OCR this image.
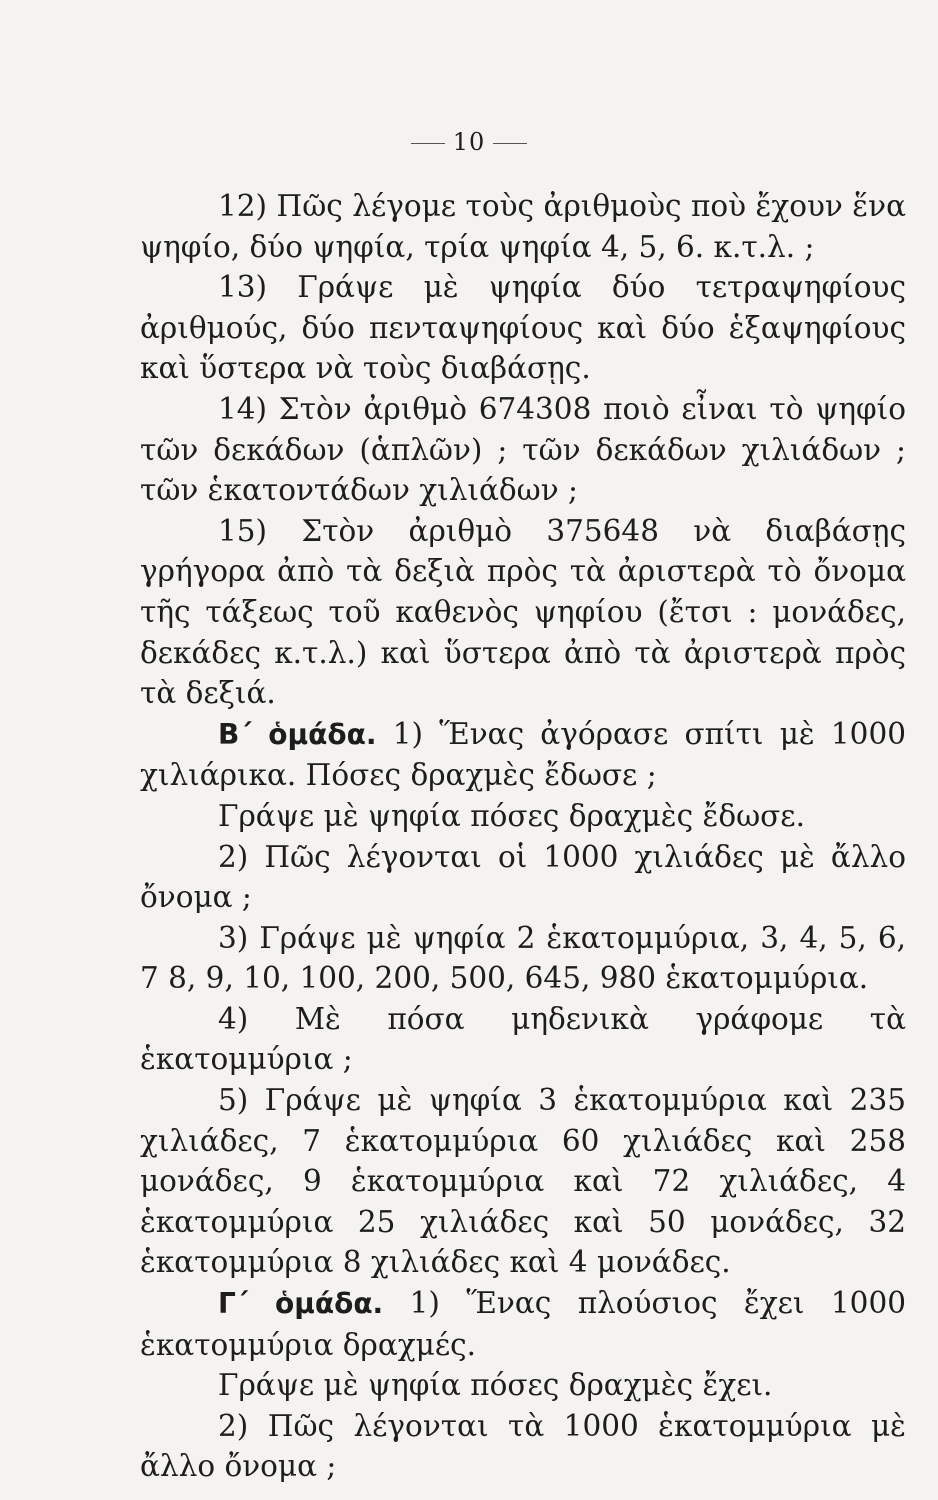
10

12) Πῶς λέγομε τοὺς ἀριθμοὺς ποὺ ἔχουν ἕνα ψηφίο, δύο ψηφία, τρία ψηφία 4, 5, 6. κ.τ.λ. ;

13) Γράψε μὲ ψηφία δύο τετραψηφίους ἀριθμούς, δύο πενταψηφίους καὶ δύο ἑξαψηφίους καὶ ὕστερα νὰ τοὺς διαβάσῃς.

14) Στὸν ἀριθμὸ 674308 ποιὸ εἶναι τὸ ψηφίο τῶν δεκάδων (ἁπλῶν) ; τῶν δεκάδων χιλιάδων ; τῶν ἑκατοντάδων χιλιάδων ;

15) Στὸν ἀριθμὸ 375648 νὰ διαβάσῃς γρήγορα ἀπὸ τὰ δεξιὰ πρὸς τὰ ἀριστερὰ τὸ ὄνομα τῆς τάξεως τοῦ καθενὸς ψηφίου (ἔτσι : μονάδες, δεκάδες κ.τ.λ.) καὶ ὕστερα ἀπὸ τὰ ἀριστερὰ πρὸς τὰ δεξιά.

Β΄ ὁμάδα. 1) Ἕνας ἀγόρασε σπίτι μὲ 1000 χιλιάρικα. Πόσες δραχμὲς ἔδωσε ;

Γράψε μὲ ψηφία πόσες δραχμὲς ἔδωσε.

2) Πῶς λέγονται οἱ 1000 χιλιάδες μὲ ἄλλο ὄνομα ;

3) Γράψε μὲ ψηφία 2 ἑκατομμύρια, 3, 4, 5, 6, 7 8, 9, 10, 100, 200, 500, 645, 980 ἑκατομμύρια.

4) Μὲ πόσα μηδενικὰ γράφομε τὰ ἑκατομμύρια ;

5) Γράψε μὲ ψηφία 3 ἑκατομμύρια καὶ 235 χιλιάδες, 7 ἑκατομμύρια 60 χιλιάδες καὶ 258 μονάδες, 9 ἑκατομμύρια καὶ 72 χιλιάδες, 4 ἑκατομμύρια 25 χιλιάδες καὶ 50 μονάδες, 32 ἑκατομμύρια 8 χιλιάδες καὶ 4 μονάδες.

Γ΄ ὁμάδα. 1) Ἕνας πλούσιος ἔχει 1000 ἑκατομμύρια δραχμές.

Γράψε μὲ ψηφία πόσες δραχμὲς ἔχει.

2) Πῶς λέγονται τὰ 1000 ἑκατομμύρια μὲ ἄλλο ὄνομα ;
